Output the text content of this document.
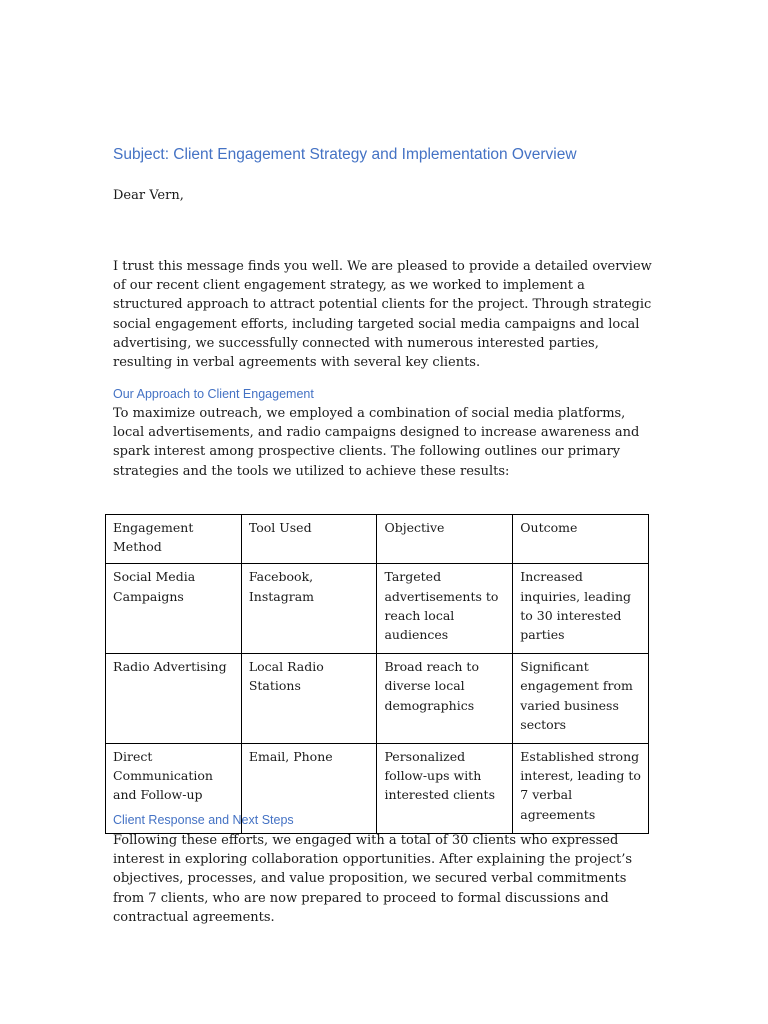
Subject: Client Engagement Strategy and Implementation Overview

Dear Vern,

I trust this message finds you well. We are pleased to provide a detailed overview of our recent client engagement strategy, as we worked to implement a structured approach to attract potential clients for the project. Through strategic social engagement efforts, including targeted social media campaigns and local advertising, we successfully connected with numerous interested parties, resulting in verbal agreements with several key clients.

Our Approach to Client Engagement

To maximize outreach, we employed a combination of social media platforms, local advertisements, and radio campaigns designed to increase awareness and spark interest among prospective clients. The following outlines our primary strategies and the tools we utilized to achieve these results:

Engagement Method	Tool Used	Objective	Outcome
Social Media Campaigns	Facebook, Instagram	Targeted advertisements to reach local audiences	Increased inquiries, leading to 30 interested parties
Radio Advertising	Local Radio Stations	Broad reach to diverse local demographics	Significant engagement from varied business sectors
Direct Communication and Follow-up	Email, Phone	Personalized follow-ups with interested clients	Established strong interest, leading to 7 verbal agreements
Client Response and Next Steps

Following these efforts, we engaged with a total of 30 clients who expressed interest in exploring collaboration opportunities. After explaining the project’s objectives, processes, and value proposition, we secured verbal commitments from 7 clients, who are now prepared to proceed to formal discussions and contractual agreements.
